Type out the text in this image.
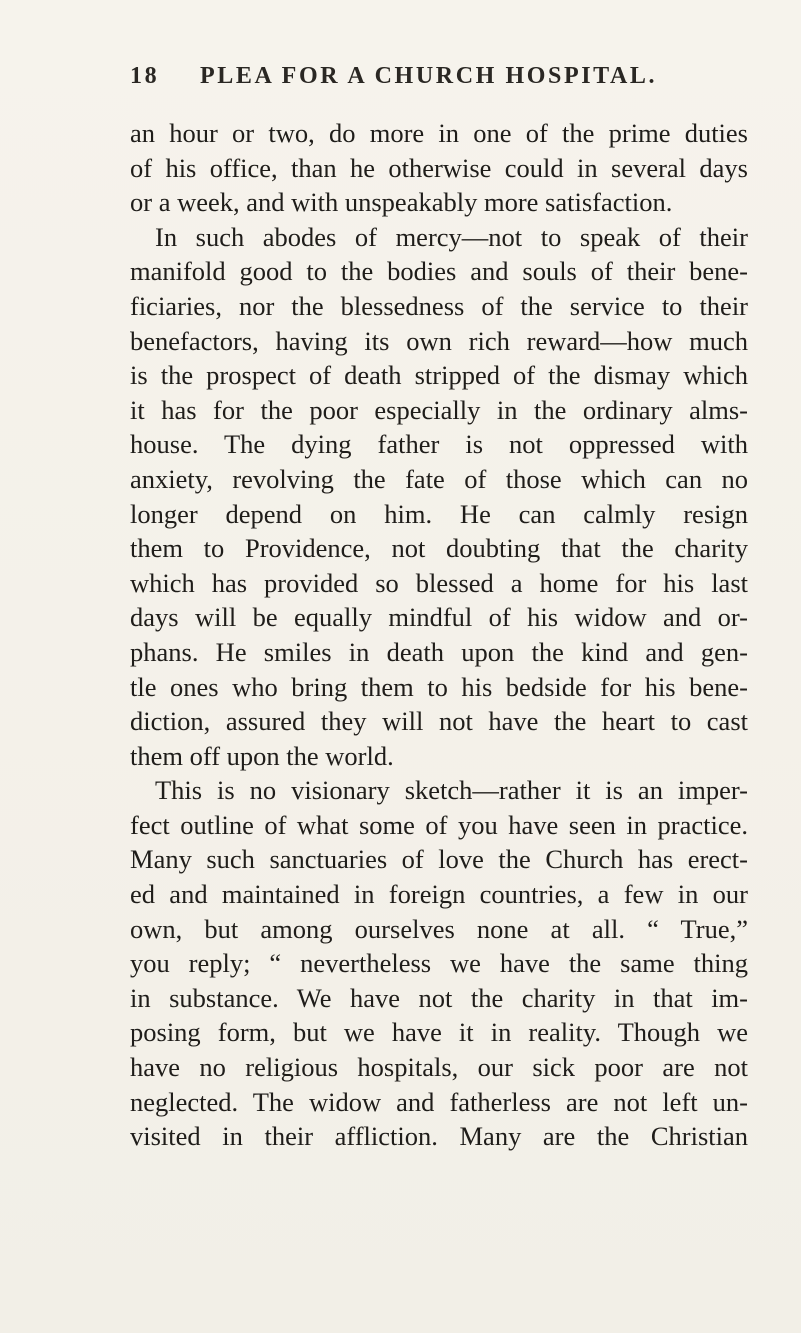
18 PLEA FOR A CHURCH HOSPITAL.
an hour or two, do more in one of the prime duties
of his office, than he otherwise could in several days
or a week, and with unspeakably more satisfaction.
In such abodes of mercy—not to speak of their
manifold good to the bodies and souls of their bene-
ficiaries, nor the blessedness of the service to their
benefactors, having its own rich reward—how much
is the prospect of death stripped of the dismay which
it has for the poor especially in the ordinary alms-
house. The dying father is not oppressed with
anxiety, revolving the fate of those which can no
longer depend on him. He can calmly resign
them to Providence, not doubting that the charity
which has provided so blessed a home for his last
days will be equally mindful of his widow and or-
phans. He smiles in death upon the kind and gen-
tle ones who bring them to his bedside for his bene-
diction, assured they will not have the heart to cast
them off upon the world.
This is no visionary sketch—rather it is an imper-
fect outline of what some of you have seen in practice.
Many such sanctuaries of love the Church has erect-
ed and maintained in foreign countries, a few in our
own, but among ourselves none at all. “ True,”
you reply; “ nevertheless we have the same thing
in substance. We have not the charity in that im-
posing form, but we have it in reality. Though we
have no religious hospitals, our sick poor are not
neglected. The widow and fatherless are not left un-
visited in their affliction. Many are the Christian
